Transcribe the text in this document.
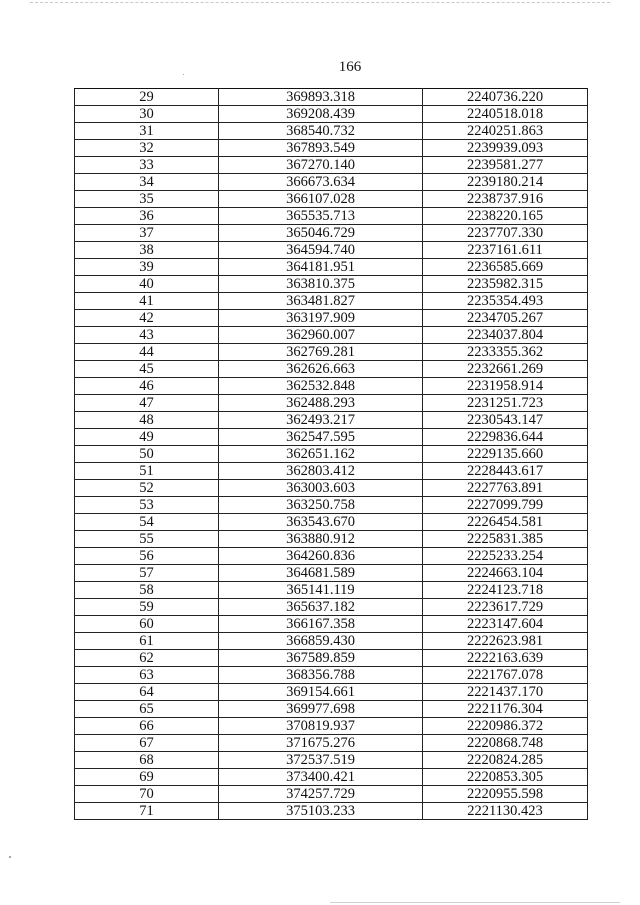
166
29	369893.318	2240736.220
30	369208.439	2240518.018
31	368540.732	2240251.863
32	367893.549	2239939.093
33	367270.140	2239581.277
34	366673.634	2239180.214
35	366107.028	2238737.916
36	365535.713	2238220.165
37	365046.729	2237707.330
38	364594.740	2237161.611
39	364181.951	2236585.669
40	363810.375	2235982.315
41	363481.827	2235354.493
42	363197.909	2234705.267
43	362960.007	2234037.804
44	362769.281	2233355.362
45	362626.663	2232661.269
46	362532.848	2231958.914
47	362488.293	2231251.723
48	362493.217	2230543.147
49	362547.595	2229836.644
50	362651.162	2229135.660
51	362803.412	2228443.617
52	363003.603	2227763.891
53	363250.758	2227099.799
54	363543.670	2226454.581
55	363880.912	2225831.385
56	364260.836	2225233.254
57	364681.589	2224663.104
58	365141.119	2224123.718
59	365637.182	2223617.729
60	366167.358	2223147.604
61	366859.430	2222623.981
62	367589.859	2222163.639
63	368356.788	2221767.078
64	369154.661	2221437.170
65	369977.698	2221176.304
66	370819.937	2220986.372
67	371675.276	2220868.748
68	372537.519	2220824.285
69	373400.421	2220853.305
70	374257.729	2220955.598
71	375103.233	2221130.423
